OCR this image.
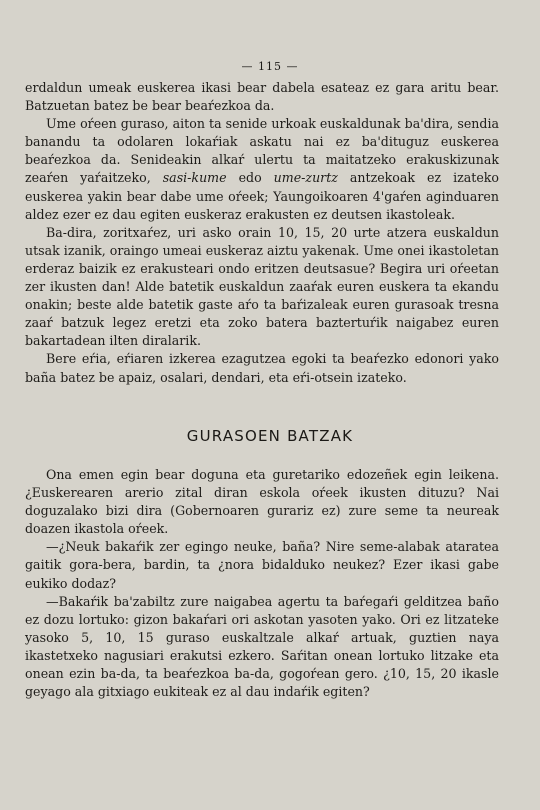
— 115 —

erdaldun umeak euskerea ikasi bear dabela esateaz ez gara aritu bear. Batzuetan batez be bear beaŕezkoa da.

Ume oŕeen guraso, aiton ta senide urkoak euskaldunak ba'dira, sendia banandu ta odolaren lokaŕiak askatu nai ez ba'dituguz euskerea beaŕezkoa da. Senideakin alkaŕ ulertu ta maitatzeko erakuskizunak zeaŕen yaŕaitzeko, sasi-kume edo ume-zurtz antzekoak ez izateko euskerea yakin bear dabe ume oŕeek; Yaungoikoaren 4'gaŕen aginduaren aldez ezer ez dau egiten euskeraz erakusten ez deutsen ikastoleak.

Ba-dira, zoritxaŕez, uri asko orain 10, 15, 20 urte atzera euskaldun utsak izanik, oraingo umeai euskeraz aiztu yakenak. Ume onei ikastoletan erderaz baizik ez erakusteari ondo eritzen deutsasue? Begira uri oŕeetan zer ikusten dan! Alde batetik euskaldun zaaŕak euren euskera ta ekandu onakin; beste alde batetik gaste aŕo ta baŕizaleak euren gurasoak tresna zaaŕ batzuk legez eretzi eta zoko batera baztertuŕik naigabez euren bakartadean ilten diralarik.

Bere eŕia, eŕiaren izkerea ezagutzea egoki ta beaŕezko edonori yako baña batez be apaiz, osalari, dendari, eta eŕi-otsein izateko.

GURASOEN BATZAK

Ona emen egin bear doguna eta guretariko edozeñek egin leikena. ¿Euskerearen arerio zital diran eskola oŕeek ikusten dituzu? Nai doguzalako bizi dira (Gobernoaren gurariz ez) zure seme ta neureak doazen ikastola oŕeek.

—¿Neuk bakaŕik zer egingo neuke, baña? Nire seme-alabak ataratea gaitik gora-bera, bardin, ta ¿nora bidalduko neukez? Ezer ikasi gabe eukiko dodaz?

—Bakaŕik ba'zabiltz zure naigabea agertu ta baŕegaŕi gelditzea baño ez dozu lortuko: gizon bakaŕari ori askotan yasoten yako. Ori ez litzateke yasoko 5, 10, 15 guraso euskaltzale alkaŕ artuak, guztien naya ikastetxeko nagusiari erakutsi ezkero. Saŕitan onean lortuko litzake eta onean ezin ba-da, ta beaŕezkoa ba-da, gogoŕean gero. ¿10, 15, 20 ikasle geyago ala gitxiago eukiteak ez al dau indaŕik egiten?
